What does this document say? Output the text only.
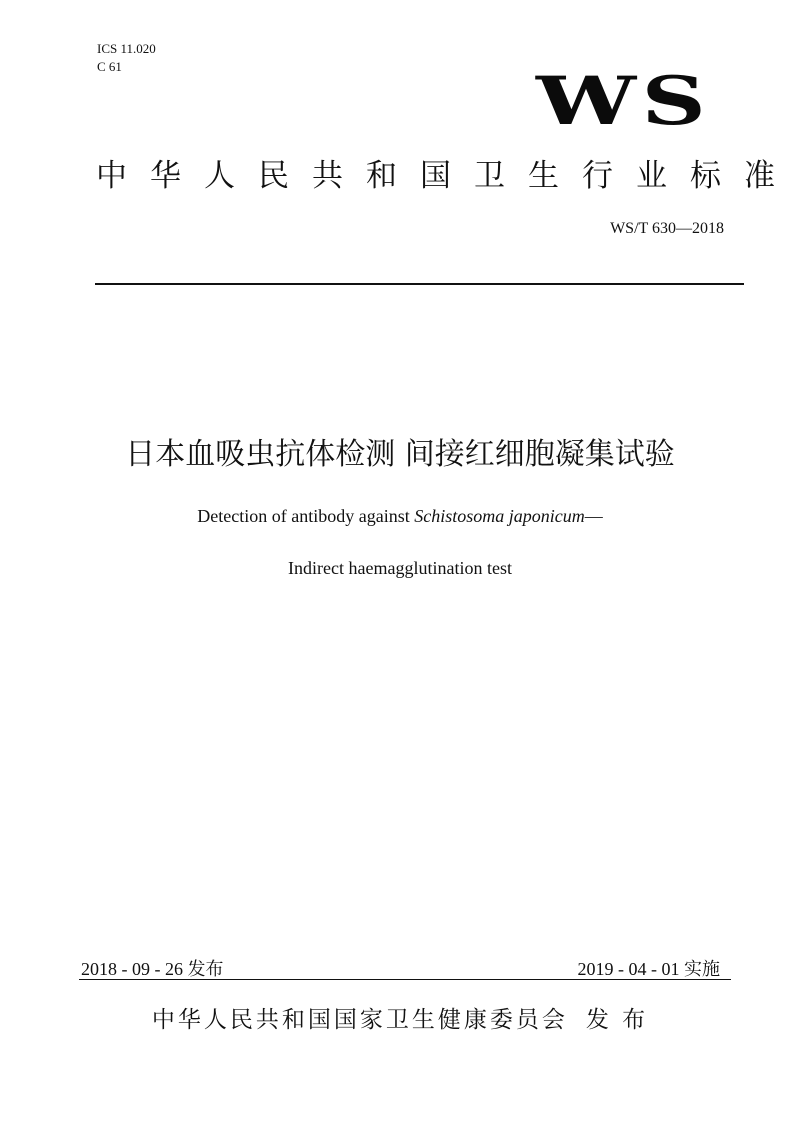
ICS 11.020
C 61	WS
中华人民共和国卫生行业标准
WS/T 630—2018
日本血吸虫抗体检测 间接红细胞凝集试验
Detection of antibody against Schistosoma japonicum—
Indirect haemagglutination test
2018 - 09 - 26 发布	2019 - 04 - 01 实施
中华人民共和国国家卫生健康委员会 发 布
